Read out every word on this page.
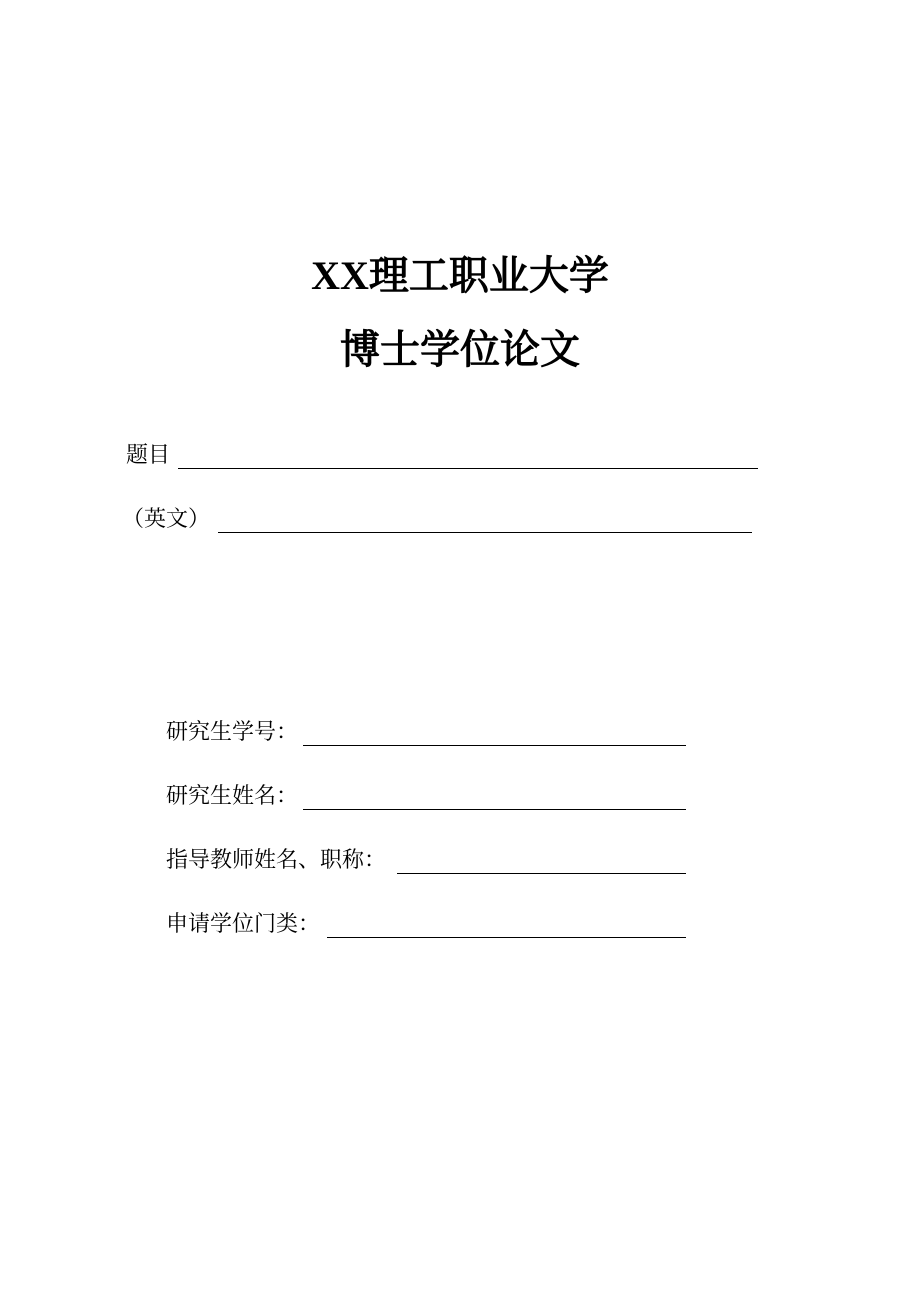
XX理工职业大学
博士学位论文
题目
（英文）
研究生学号：
研究生姓名：
指导教师姓名、职称：
申请学位门类：
